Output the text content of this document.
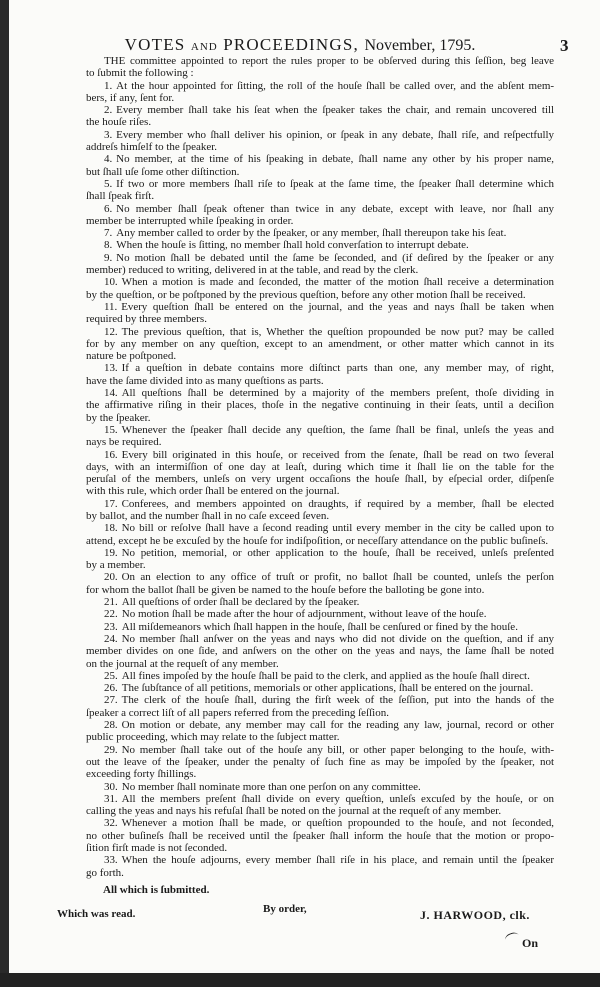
VOTES AND PROCEEDINGS, November, 1795.	3
THE committee appointed to report the rules proper to be obſerved during this ſeſſion, beg leave
to ſubmit the following :
1. At the hour appointed for ſitting, the roll of the houſe ſhall be called over, and the abſent mem-
bers, if any, ſent for.
2. Every member ſhall take his ſeat when the ſpeaker takes the chair, and remain uncovered till
the houſe riſes.
3. Every member who ſhall deliver his opinion, or ſpeak in any debate, ſhall riſe, and reſpectfully
addreſs himſelf to the ſpeaker.
4. No member, at the time of his ſpeaking in debate, ſhall name any other by his proper name,
but ſhall uſe ſome other diſtinction.
5. If two or more members ſhall riſe to ſpeak at the ſame time, the ſpeaker ſhall determine which
ſhall ſpeak firſt.
6. No member ſhall ſpeak oftener than twice in any debate, except with leave, nor ſhall any
member be interrupted while ſpeaking in order.
7. Any member called to order by the ſpeaker, or any member, ſhall thereupon take his ſeat.
8. When the houſe is ſitting, no member ſhall hold converſation to interrupt debate.
9. No motion ſhall be debated until the ſame be ſeconded, and (if deſired by the ſpeaker or any
member) reduced to writing, delivered in at the table, and read by the clerk.
10. When a motion is made and ſeconded, the matter of the motion ſhall receive a determination
by the queſtion, or be poſtponed by the previous queſtion, before any other motion ſhall be received.
11. Every queſtion ſhall be entered on the journal, and the yeas and nays ſhall be taken when
required by three members.
12. The previous queſtion, that is, Whether the queſtion propounded be now put? may be called
for by any member on any queſtion, except to an amendment, or other matter which cannot in its
nature be poſtponed.
13. If a queſtion in debate contains more diſtinct parts than one, any member may, of right,
have the ſame divided into as many queſtions as parts.
14. All queſtions ſhall be determined by a majority of the members preſent, thoſe dividing in
the affirmative riſing in their places, thoſe in the negative continuing in their ſeats, until a deciſion
by the ſpeaker.
15. Whenever the ſpeaker ſhall decide any queſtion, the ſame ſhall be final, unleſs the yeas and
nays be required.
16. Every bill originated in this houſe, or received from the ſenate, ſhall be read on two ſeveral
days, with an intermiſſion of one day at leaſt, during which time it ſhall lie on the table for the
peruſal of the members, unleſs on very urgent occaſions the houſe ſhall, by eſpecial order, diſpenſe
with this rule, which order ſhall be entered on the journal.
17. Conferees, and members appointed on draughts, if required by a member, ſhall be elected
by ballot, and the number ſhall in no caſe exceed ſeven.
18. No bill or reſolve ſhall have a ſecond reading until every member in the city be called upon to
attend, except he be excuſed by the houſe for indiſpoſition, or neceſſary attendance on the public buſineſs.
19. No petition, memorial, or other application to the houſe, ſhall be received, unleſs preſented
by a member.
20. On an election to any office of truſt or profit, no ballot ſhall be counted, unleſs the perſon
for whom the ballot ſhall be given be named to the houſe before the balloting be gone into.
21. All queſtions of order ſhall be declared by the ſpeaker.
22. No motion ſhall be made after the hour of adjournment, without leave of the houſe.
23. All miſdemeanors which ſhall happen in the houſe, ſhall be cenſured or fined by the houſe.
24. No member ſhall anſwer on the yeas and nays who did not divide on the queſtion, and if any
member divides on one ſide, and anſwers on the other on the yeas and nays, the ſame ſhall be noted
on the journal at the requeſt of any member.
25. All fines impoſed by the houſe ſhall be paid to the clerk, and applied as the houſe ſhall direct.
26. The ſubſtance of all petitions, memorials or other applications, ſhall be entered on the journal.
27. The clerk of the houſe ſhall, during the firſt week of the ſeſſion, put into the hands of the
ſpeaker a correct liſt of all papers referred from the preceding ſeſſion.
28. On motion or debate, any member may call for the reading any law, journal, record or other
public proceeding, which may relate to the ſubject matter.
29. No member ſhall take out of the houſe any bill, or other paper belonging to the houſe, with-
out the leave of the ſpeaker, under the penalty of ſuch fine as may be impoſed by the ſpeaker, not
exceeding forty ſhillings.
30. No member ſhall nominate more than one perſon on any committee.
31. All the members preſent ſhall divide on every queſtion, unleſs excuſed by the houſe, or on
calling the yeas and nays his refuſal ſhall be noted on the journal at the requeſt of any member.
32. Whenever a motion ſhall be made, or queſtion propounded to the houſe, and not ſeconded,
no other buſineſs ſhall be received until the ſpeaker ſhall inform the houſe that the motion or propo-
ſition firſt made is not ſeconded.
33. When the houſe adjourns, every member ſhall riſe in his place, and remain until the ſpeaker
go forth.
All which is ſubmitted.
Which was read.	By order,	J. HARWOOD, clk.
On
